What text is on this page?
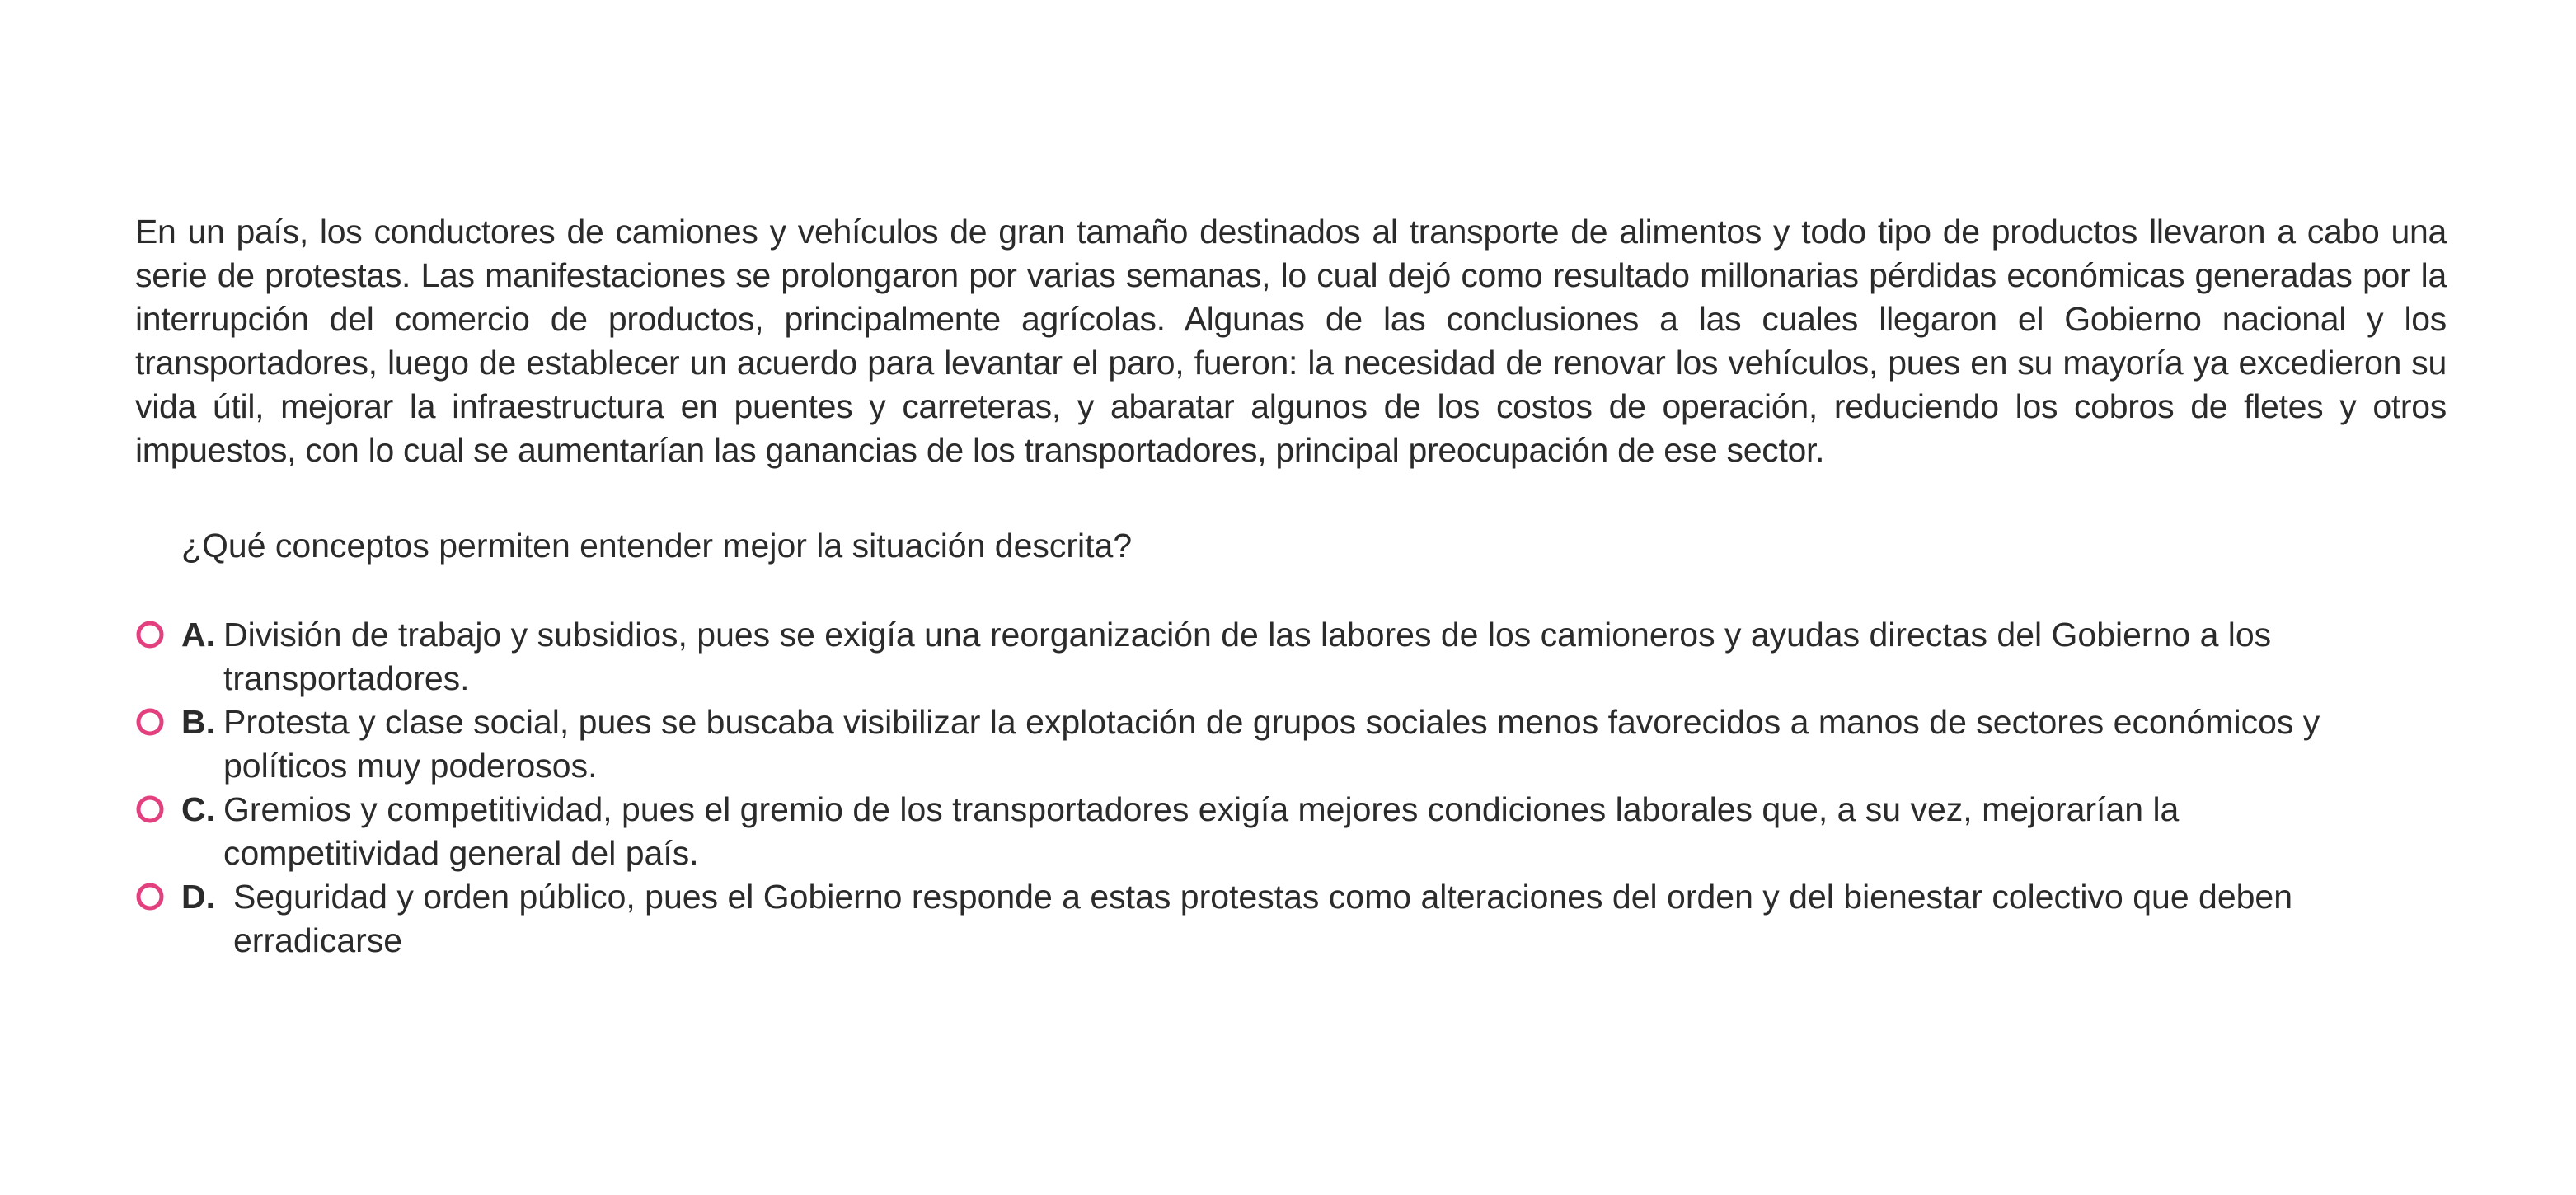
En un país, los conductores de camiones y vehículos de gran tamaño destinados al transporte de alimentos y todo tipo de productos llevaron a cabo una serie de protestas. Las manifestaciones se prolongaron por varias semanas, lo cual dejó como resultado millonarias pérdidas económicas generadas por la interrupción del comercio de productos, principalmente agrícolas. Algunas de las conclusiones a las cuales llegaron el Gobierno nacional y los transportadores, luego de establecer un acuerdo para levantar el paro, fueron: la necesidad de renovar los vehículos, pues en su mayoría ya excedieron su vida útil, mejorar la infraestructura en puentes y carreteras, y abaratar algunos de los costos de operación, reduciendo los cobros de fletes y otros impuestos, con lo cual se aumentarían las ganancias de los transportadores, principal preocupación de ese sector.

¿Qué conceptos permiten entender mejor la situación descrita?

A. División de trabajo y subsidios, pues se exigía una reorganización de las labores de los camioneros y ayudas directas del Gobierno a los transportadores.
B. Protesta y clase social, pues se buscaba visibilizar la explotación de grupos sociales menos favorecidos a manos de sectores económicos y políticos muy poderosos.
C. Gremios y competitividad, pues el gremio de los transportadores exigía mejores condiciones laborales que, a su vez, mejorarían la competitividad general del país.
D. Seguridad y orden público, pues el Gobierno responde a estas protestas como alteraciones del orden y del bienestar colectivo que deben erradicarse
